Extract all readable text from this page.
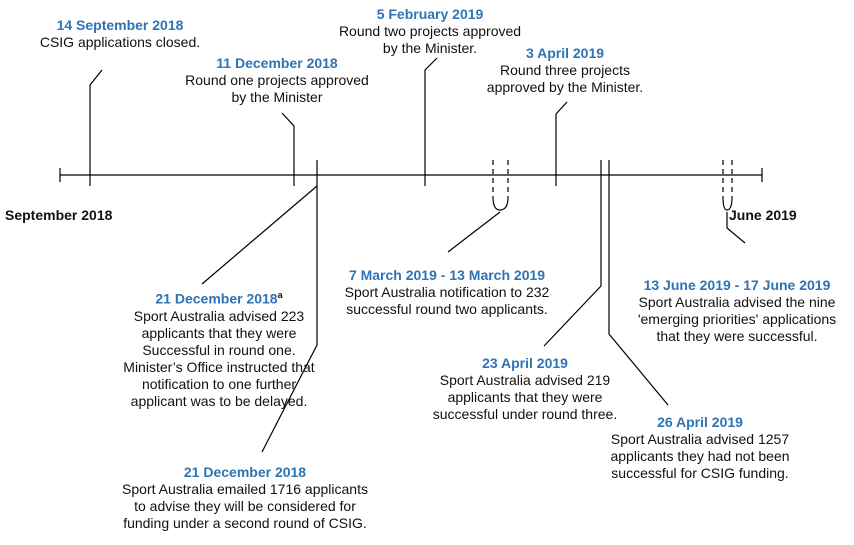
September 2018	June 2019
14 September 2018
CSIG applications closed.
11 December 2018
Round one projects approved
by the Minister
5 February 2019
Round two projects approved
by the Minister.	3 April 2019
Round three projects
approved by the Minister.
21 December 2018$^a$
Sport Australia advised 223
applicants that they were
Successful in round one.
Minister’s Office instructed that
notification to one further
applicant was to be delayed.
21 December 2018
Sport Australia emailed 1716 applicants
to advise they will be considered for
funding under a second round of CSIG.
7 March 2019 - 13 March 2019
Sport Australia notification to 232
successful round two applicants.
23 April 2019
Sport Australia advised 219
applicants that they were
successful under round three.	26 April 2019
Sport Australia advised 1257
applicants they had not been
successful for CSIG funding.
13 June 2019 - 17 June 2019
Sport Australia advised the nine
'emerging priorities' applications
that they were successful.
